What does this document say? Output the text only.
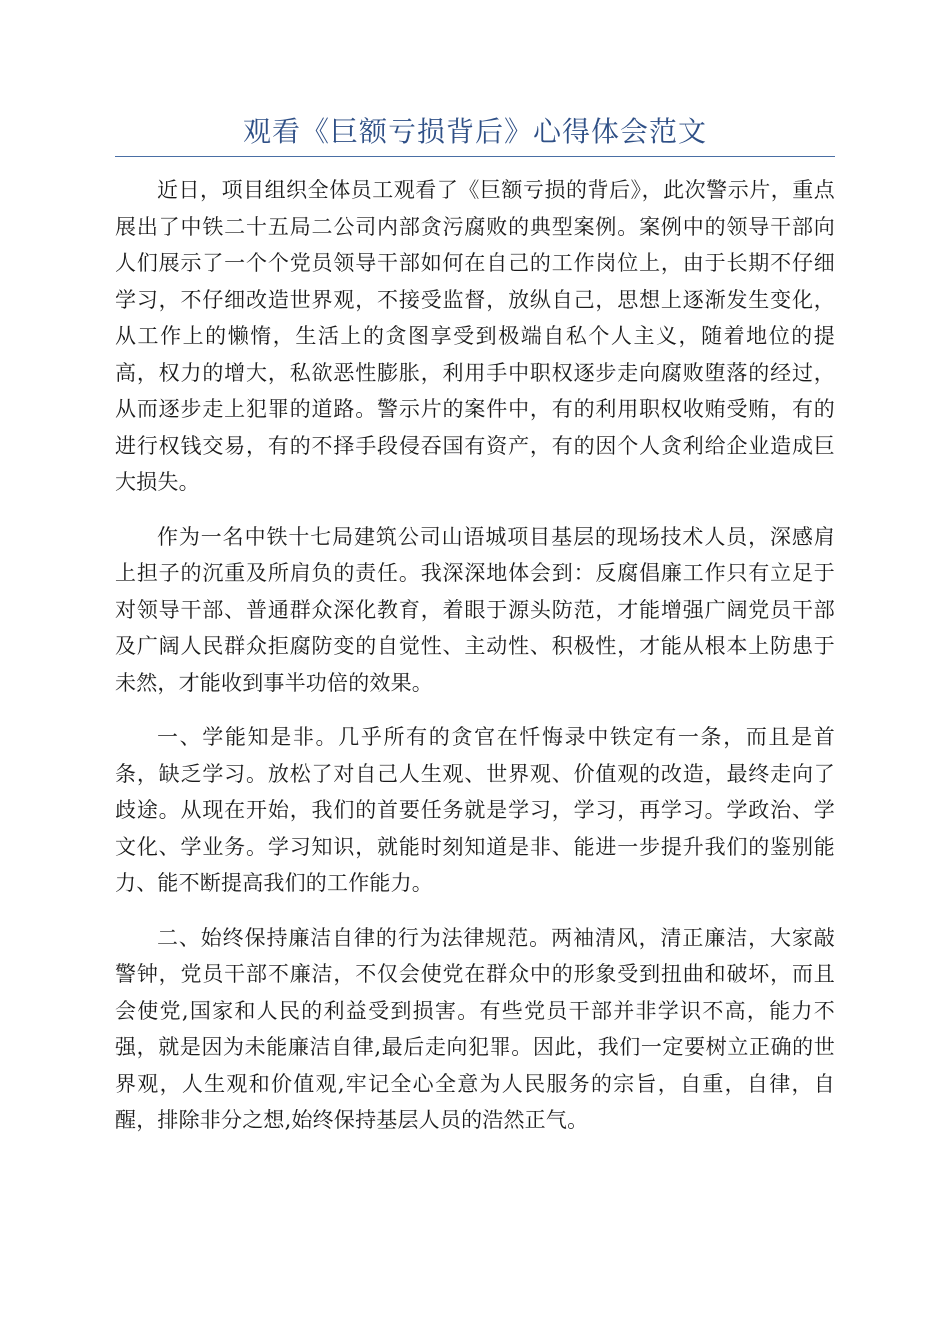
观看《巨额亏损背后》心得体会范文

近日，项目组织全体员工观看了《巨额亏损的背后》，此次警示片，重点展出了中铁二十五局二公司内部贪污腐败的典型案例。案例中的领导干部向人们展示了一个个党员领导干部如何在自己的工作岗位上，由于长期不仔细学习，不仔细改造世界观，不接受监督，放纵自己，思想上逐渐发生变化，从工作上的懒惰，生活上的贪图享受到极端自私个人主义，随着地位的提高，权力的增大，私欲恶性膨胀，利用手中职权逐步走向腐败堕落的经过，从而逐步走上犯罪的道路。警示片的案件中，有的利用职权收贿受贿，有的进行权钱交易，有的不择手段侵吞国有资产，有的因个人贪利给企业造成巨大损失。

作为一名中铁十七局建筑公司山语城项目基层的现场技术人员，深感肩上担子的沉重及所肩负的责任。我深深地体会到：反腐倡廉工作只有立足于对领导干部、普通群众深化教育，着眼于源头防范，才能增强广阔党员干部及广阔人民群众拒腐防变的自觉性、主动性、积极性，才能从根本上防患于未然，才能收到事半功倍的效果。

一、学能知是非。几乎所有的贪官在忏悔录中铁定有一条，而且是首条，缺乏学习。放松了对自己人生观、世界观、价值观的改造，最终走向了歧途。从现在开始，我们的首要任务就是学习，学习，再学习。学政治、学文化、学业务。学习知识，就能时刻知道是非、能进一步提升我们的鉴别能力、能不断提高我们的工作能力。

二、始终保持廉洁自律的行为法律规范。两袖清风，清正廉洁，大家敲警钟，党员干部不廉洁，不仅会使党在群众中的形象受到扭曲和破坏，而且会使党,国家和人民的利益受到损害。有些党员干部并非学识不高，能力不强，就是因为未能廉洁自律,最后走向犯罪。因此，我们一定要树立正确的世界观，人生观和价值观,牢记全心全意为人民服务的宗旨，自重，自律，自醒，排除非分之想,始终保持基层人员的浩然正气。
